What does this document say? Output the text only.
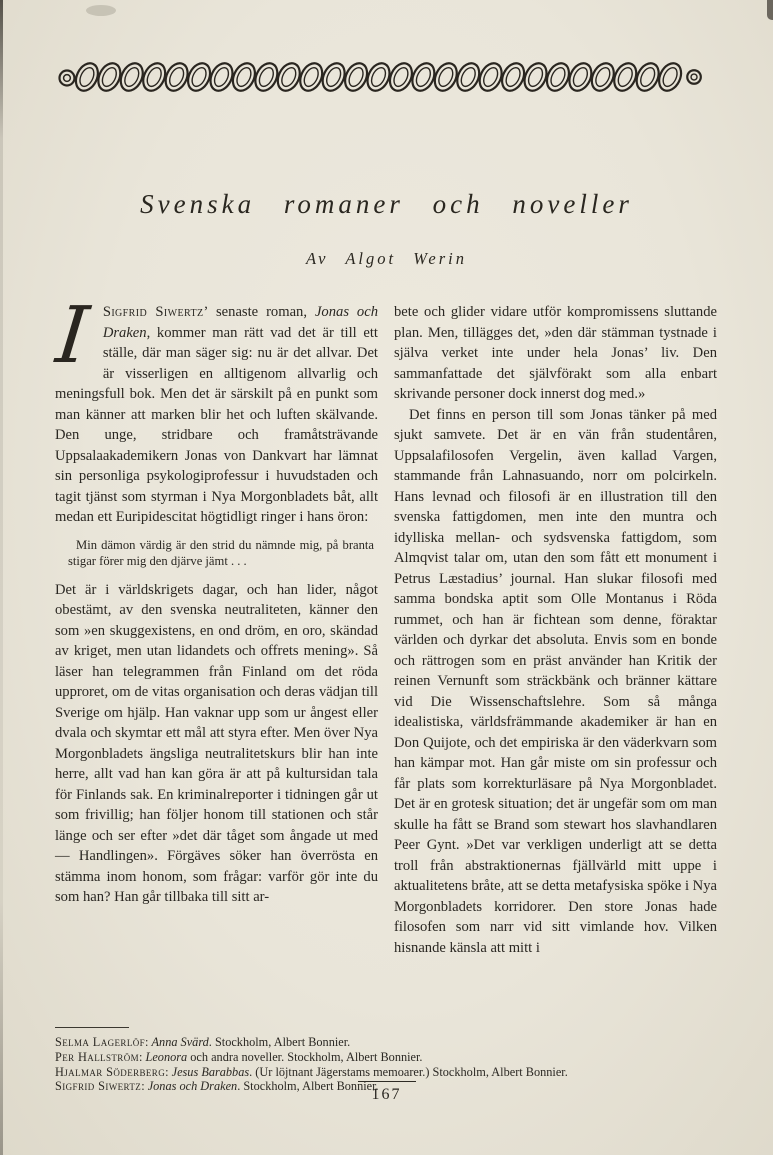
Svenska romaner och noveller
Av Algot Werin

I Sigfrid Siwertz’ senaste roman, Jonas och Draken, kommer man rätt vad det är till ett ställe, där man säger sig: nu är det allvar. Det är visserligen en alltigenom allvarlig och meningsfull bok. Men det är särskilt på en punkt som man känner att marken blir het och luften skälvande. Den unge, stridbare och framåtsträvande Uppsalaakademikern Jonas von Dankvart har lämnat sin personliga psykologiprofessur i huvudstaden och tagit tjänst som styrman i Nya Morgonbladets båt, allt medan ett Euripidescitat högtidligt ringer i hans öron:

Min dämon värdig är den strid du nämnde mig, på branta stigar förer mig den djärve jämt . . .

Det är i världskrigets dagar, och han lider, något obestämt, av den svenska neutraliteten, känner den som »en skuggexistens, en ond dröm, en oro, skändad av kriget, men utan lidandets och offrets mening». Så läser han telegrammen från Finland om det röda upproret, om de vitas organisation och deras vädjan till Sverige om hjälp. Han vaknar upp som ur ångest eller dvala och skymtar ett mål att styra efter. Men över Nya Morgonbladets ängsliga neutralitetskurs blir han inte herre, allt vad han kan göra är att på kultursidan tala för Finlands sak. En kriminalreporter i tidningen går ut som frivillig; han följer honom till stationen och står länge och ser efter »det där tåget som ångade ut med — Handlingen». Förgäves söker han överrösta en stämma inom honom, som frågar: varför gör inte du som han? Han går tillbaka till sitt ar-

bete och glider vidare utför kompromissens sluttande plan. Men, tillägges det, »den där stämman tystnade i själva verket inte under hela Jonas’ liv. Den sammanfattade det självförakt som alla enbart skrivande personer dock innerst dog med.»

Det finns en person till som Jonas tänker på med sjukt samvete. Det är en vän från studentåren, Uppsalafilosofen Vergelin, även kallad Vargen, stammande från Lahnasuando, norr om polcirkeln. Hans levnad och filosofi är en illustration till den svenska fattigdomen, men inte den muntra och idylliska mellan- och sydsvenska fattigdom, som Almqvist talar om, utan den som fått ett monument i Petrus Læstadius’ journal. Han slukar filosofi med samma bondska aptit som Olle Montanus i Röda rummet, och han är fichtean som denne, föraktar världen och dyrkar det absoluta. Envis som en bonde och rättrogen som en präst använder han Kritik der reinen Vernunft som sträckbänk och bränner kättare vid Die Wissenschaftslehre. Som så många idealistiska, världsfrämmande akademiker är han en Don Quijote, och det empiriska är den väderkvarn som han kämpar mot. Han går miste om sin professur och får plats som korrekturläsare på Nya Morgonbladet. Det är en grotesk situation; det är ungefär som om man skulle ha fått se Brand som stewart hos slavhandlaren Peer Gynt. »Det var verkligen underligt att se detta troll från abstraktionernas fjällvärld mitt uppe i aktualitetens bråte, att se detta metafysiska spöke i Nya Morgonbladets korridorer. Den store Jonas hade filosofen som narr vid sitt vimlande hov. Vilken hisnande känsla att mitt i

Selma Lagerlöf: Anna Svärd. Stockholm, Albert Bonnier.
Per Hallström: Leonora och andra noveller. Stockholm, Albert Bonnier.
Hjalmar Söderberg: Jesus Barabbas. (Ur löjtnant Jägerstams memoarer.) Stockholm, Albert Bonnier.
Sigfrid Siwertz: Jonas och Draken. Stockholm, Albert Bonnier.
167
